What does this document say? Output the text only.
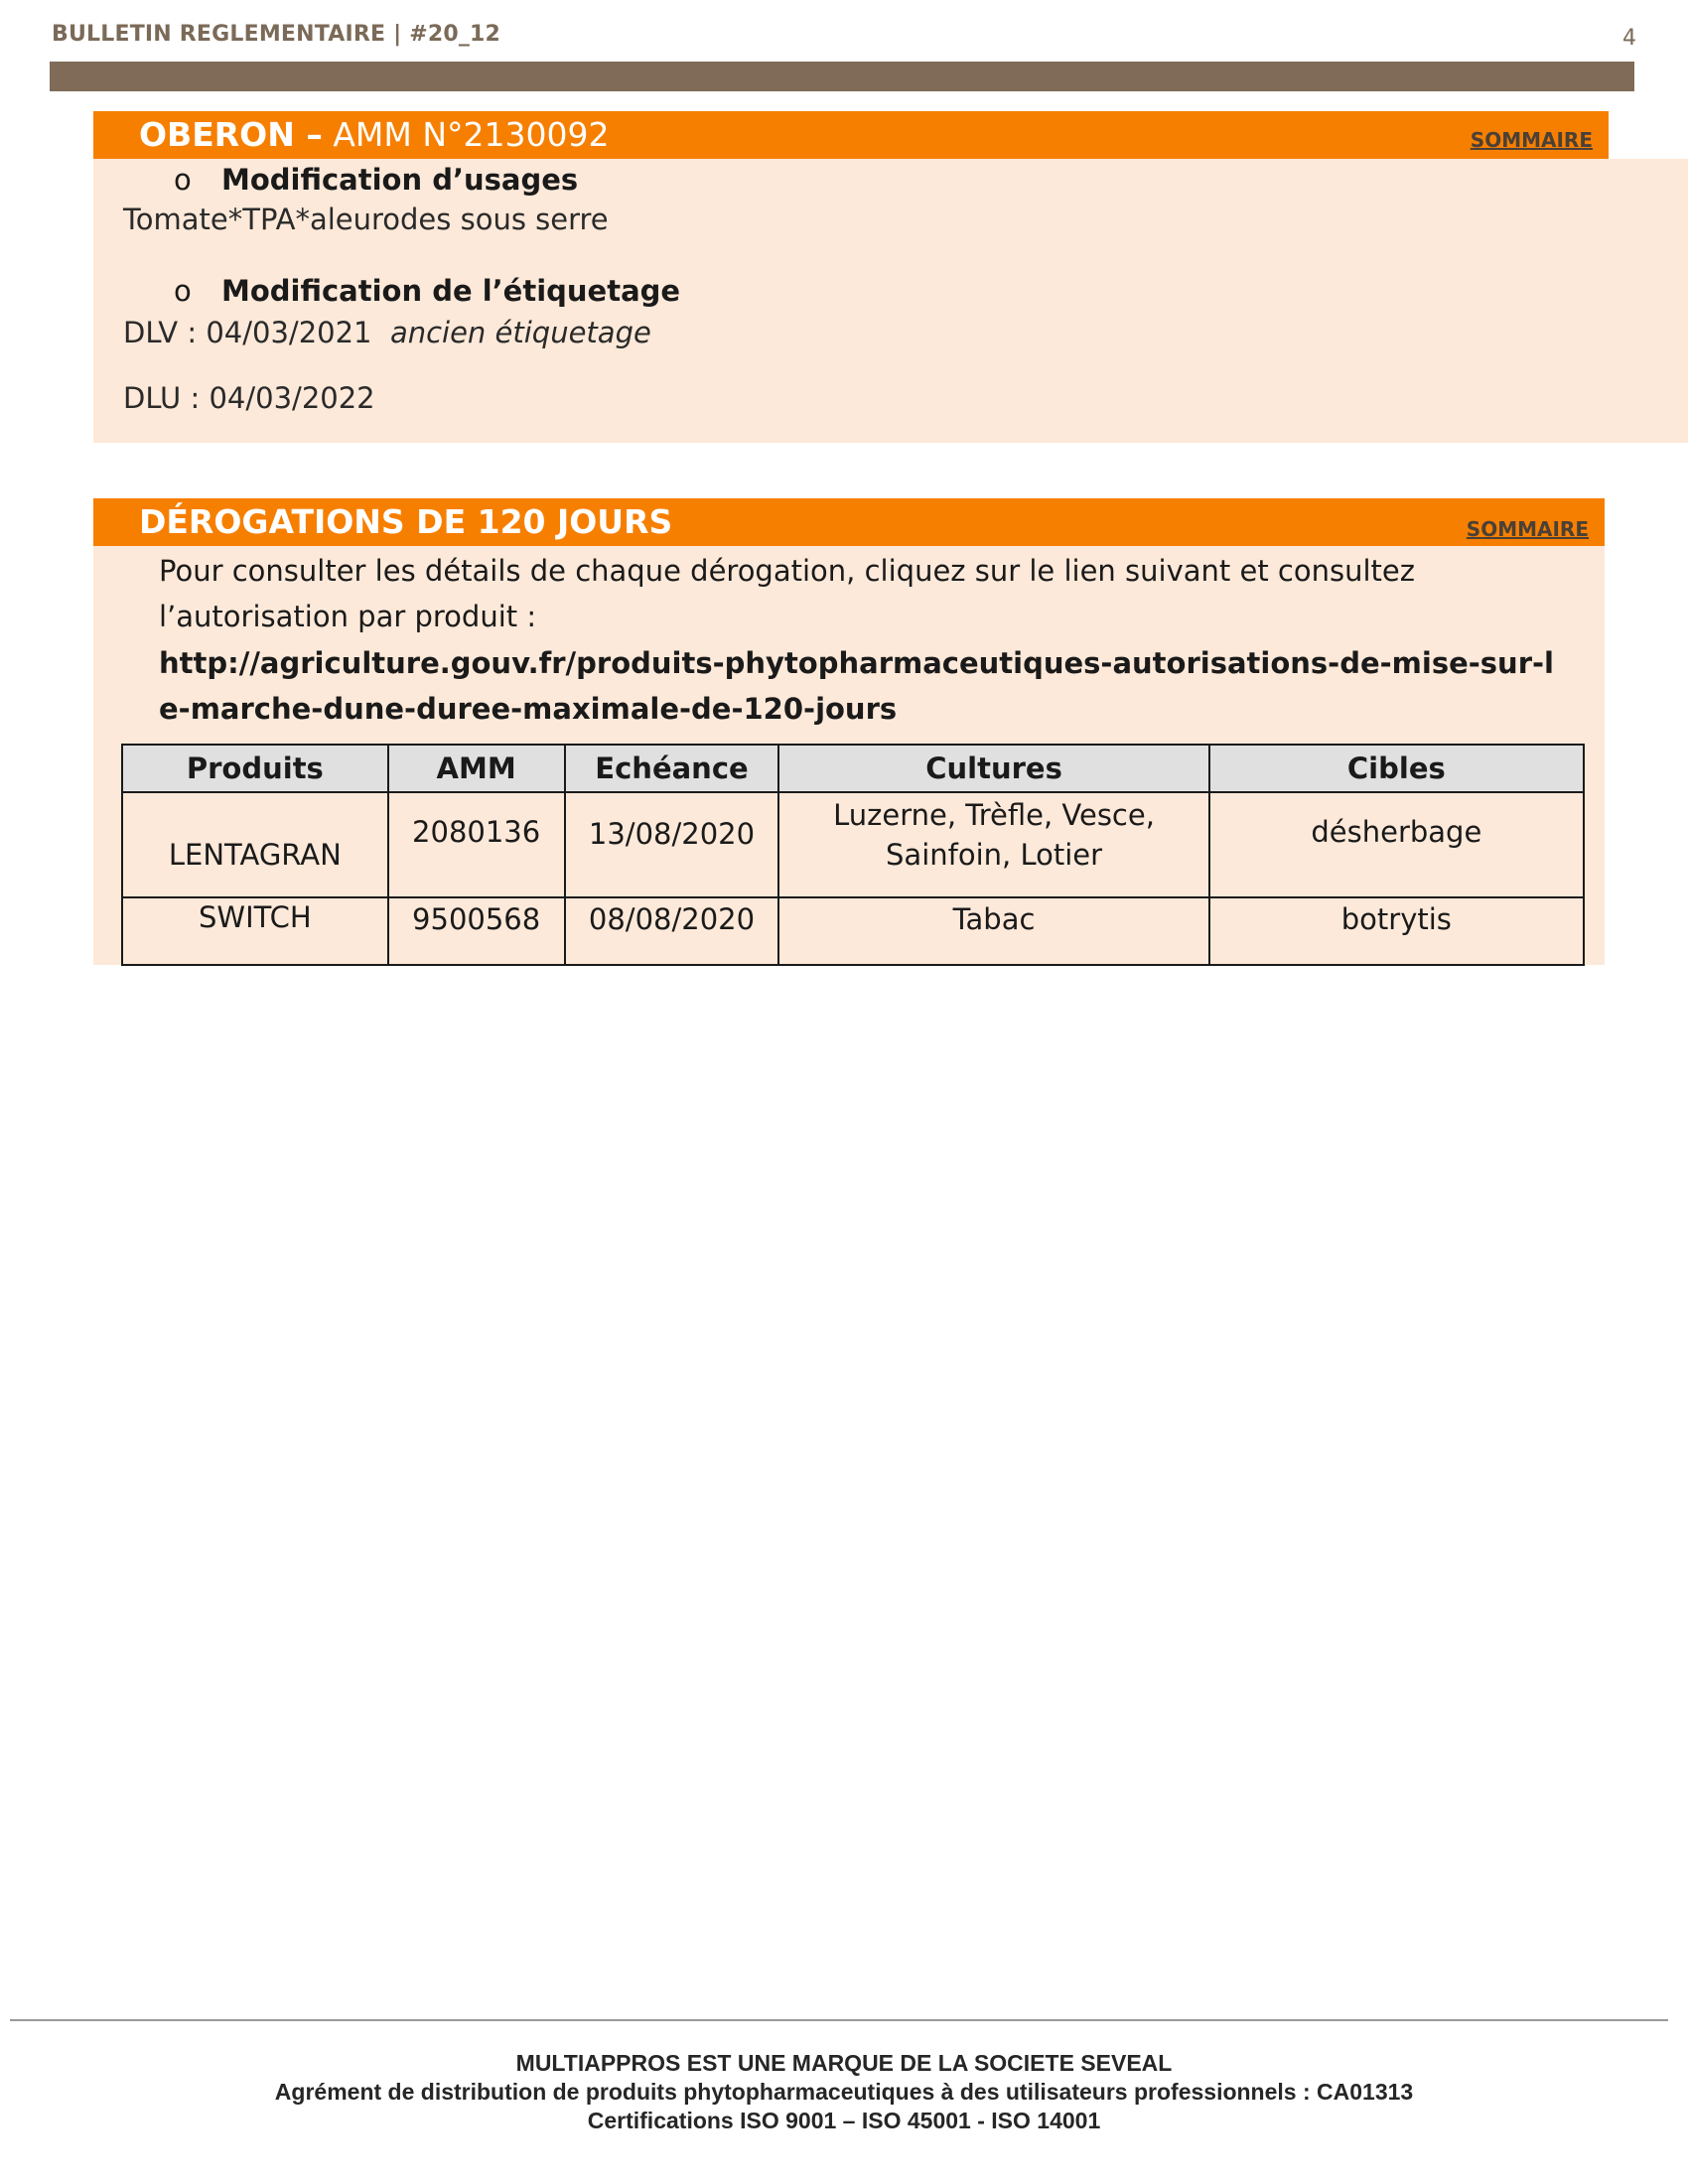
BULLETIN REGLEMENTAIRE | #20_12	4
OBERON – AMM N°2130092	SOMMAIRE
o Modification d’usages
Tomate*TPA*aleurodes sous serre
o Modification de l’étiquetage
DLV : 04/03/2021 ancien étiquetage
DLU : 04/03/2022
DÉROGATIONS DE 120 JOURS	SOMMAIRE
Pour consulter les détails de chaque dérogation, cliquez sur le lien suivant et consultez l’autorisation par produit :
http://agriculture.gouv.fr/produits-phytopharmaceutiques-autorisations-de-mise-sur-le-marche-dune-duree-maximale-de-120-jours
Produits	AMM	Echéance	Cultures	Cibles
LENTAGRAN	2080136	13/08/2020	Luzerne, Trèfle, Vesce, Sainfoin, Lotier	désherbage
SWITCH	9500568	08/08/2020	Tabac	botrytis
MULTIAPPROS EST UNE MARQUE DE LA SOCIETE SEVEAL
Agrément de distribution de produits phytopharmaceutiques à des utilisateurs professionnels : CA01313
Certifications ISO 9001 – ISO 45001 - ISO 14001
